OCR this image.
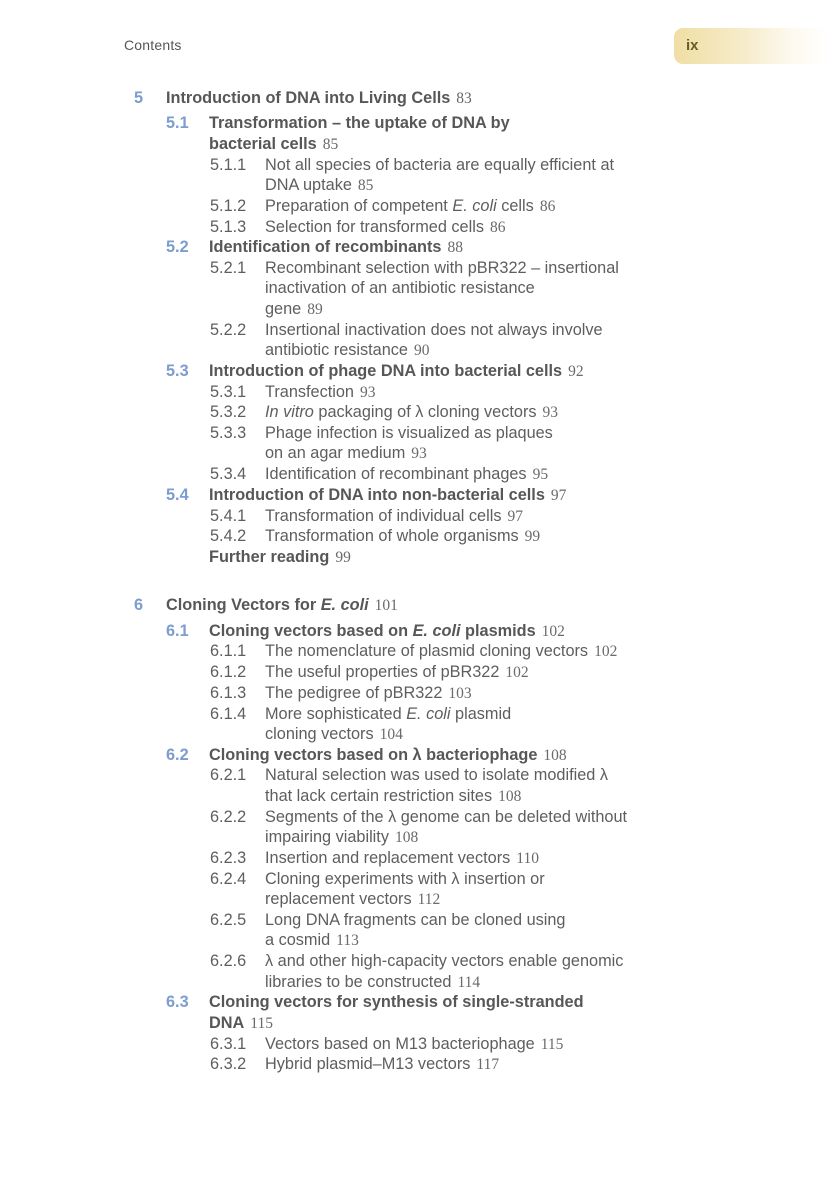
Contents	ix
5 Introduction of DNA into Living Cells 83
5.1 Transformation – the uptake of DNA by
bacterial cells 85
5.1.1 Not all species of bacteria are equally efficient at
DNA uptake 85
5.1.2 Preparation of competent E. coli cells 86
5.1.3 Selection for transformed cells 86
5.2 Identification of recombinants 88
5.2.1 Recombinant selection with pBR322 – insertional
inactivation of an antibiotic resistance
gene 89
5.2.2 Insertional inactivation does not always involve
antibiotic resistance 90
5.3 Introduction of phage DNA into bacterial cells 92
5.3.1 Transfection 93
5.3.2 In vitro packaging of λ cloning vectors 93
5.3.3 Phage infection is visualized as plaques
on an agar medium 93
5.3.4 Identification of recombinant phages 95
5.4 Introduction of DNA into non-bacterial cells 97
5.4.1 Transformation of individual cells 97
5.4.2 Transformation of whole organisms 99
Further reading 99
6 Cloning Vectors for E. coli 101
6.1 Cloning vectors based on E. coli plasmids 102
6.1.1 The nomenclature of plasmid cloning vectors 102
6.1.2 The useful properties of pBR322 102
6.1.3 The pedigree of pBR322 103
6.1.4 More sophisticated E. coli plasmid
cloning vectors 104
6.2 Cloning vectors based on λ bacteriophage 108
6.2.1 Natural selection was used to isolate modified λ
that lack certain restriction sites 108
6.2.2 Segments of the λ genome can be deleted without
impairing viability 108
6.2.3 Insertion and replacement vectors 110
6.2.4 Cloning experiments with λ insertion or
replacement vectors 112
6.2.5 Long DNA fragments can be cloned using
a cosmid 113
6.2.6 λ and other high-capacity vectors enable genomic
libraries to be constructed 114
6.3 Cloning vectors for synthesis of single-stranded
DNA 115
6.3.1 Vectors based on M13 bacteriophage 115
6.3.2 Hybrid plasmid–M13 vectors 117
